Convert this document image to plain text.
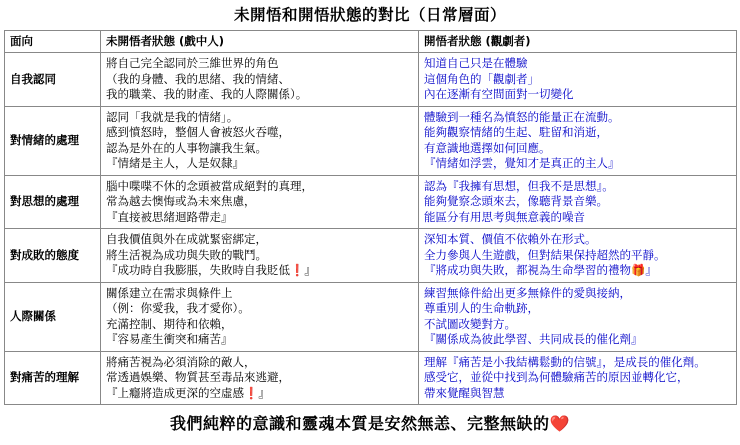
未開悟和開悟狀態的對比（日常層面）
面向	未開悟者狀態 (戲中人)	開悟者狀態 (觀劇者)
自我認同	將自己完全認同於三維世界的角色
（我的身體、我的思緒、我的情緒、
我的職業、我的財產、我的人際關係）。	知道自己只是在體驗
這個角色的「觀劇者」
內在逐漸有空間面對一切變化

對情緒的處理	認同「我就是我的情緒」。
感到憤怒時，整個人會被怒火吞噬，
認為是外在的人事物讓我生氣。
『情緒是主人，人是奴隸』	體驗到一種名為憤怒的能量正在流動。
能夠觀察情緒的生起、駐留和消逝，
有意識地選擇如何回應。
『情緒如浮雲，覺知才是真正的主人』

對思想的處理	腦中喋喋不休的念頭被當成絕對的真理，
常為越去懊悔或為未來焦慮，
『直接被思緒迴路帶走』	認為『我擁有思想，但我不是思想』。
能夠覺察念頭來去，像聽背景音樂。
能區分有用思考與無意義的噪音

對成敗的態度	自我價值與外在成就緊密綁定，
將生活視為成功與失敗的戰鬥。
『成功時自我膨脹，失敗時自我貶低❗』	深知本質、價值不依賴外在形式。
全力參與人生遊戲，但對結果保持超然的平靜。
『將成功與失敗，都視為生命學習的禮物🎁』

人際關係	關係建立在需求與條件上
（例：你愛我，我才愛你）。
充滿控制、期待和依賴，
『容易產生衝突和痛苦』	練習無條件給出更多無條件的愛與接納，
尊重別人的生命軌跡，
不試圖改變對方。
『關係成為彼此學習、共同成長的催化劑』

對痛苦的理解	將痛苦視為必須消除的敵人，
常透過娛樂、物質甚至毒品來逃避，
『上癮將造成更深的空虛感❗』	理解『痛苦是小我結構鬆動的信號』，是成長的催化劑。
感受它，並從中找到為何體驗痛苦的原因並轉化它，
帶來覺醒與智慧
我們純粹的意識和靈魂本質是安然無恙、完整無缺的❤️
